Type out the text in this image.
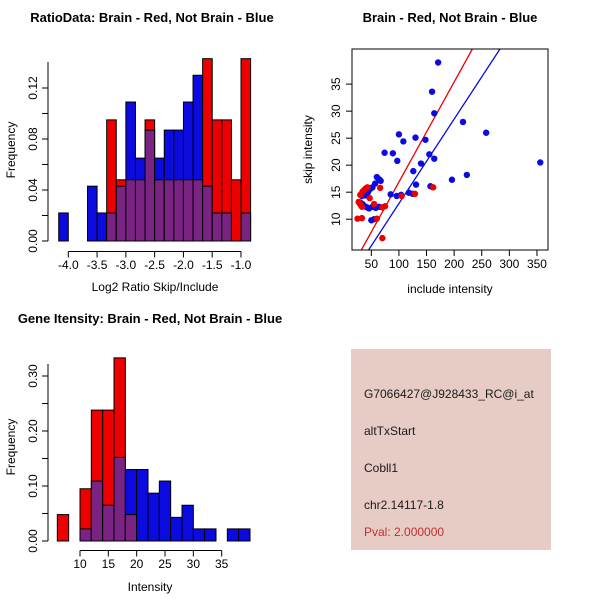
RatioData: Brain - Red, Not Brain - Blue
0.00
0.04
0.08
0.12
Frequency
-4.0 -3.5 -3.0 -2.5 -2.0 -1.5 -1.0
Log2 Ratio Skip/Include
Brain - Red, Not Brain - Blue
50 100 150 200 250 300 350
include intensity
10
15
20
25
30
35
skip intensity
Gene Itensity: Brain - Red, Not Brain - Blue
0.00
0.10
0.20
0.30
Frequency
10 15 20 25 30 35
Intensity
G7066427@J928433_RC@i_at
altTxStart
Cobll1
chr2.14117-1.8
Pval: 2.000000
